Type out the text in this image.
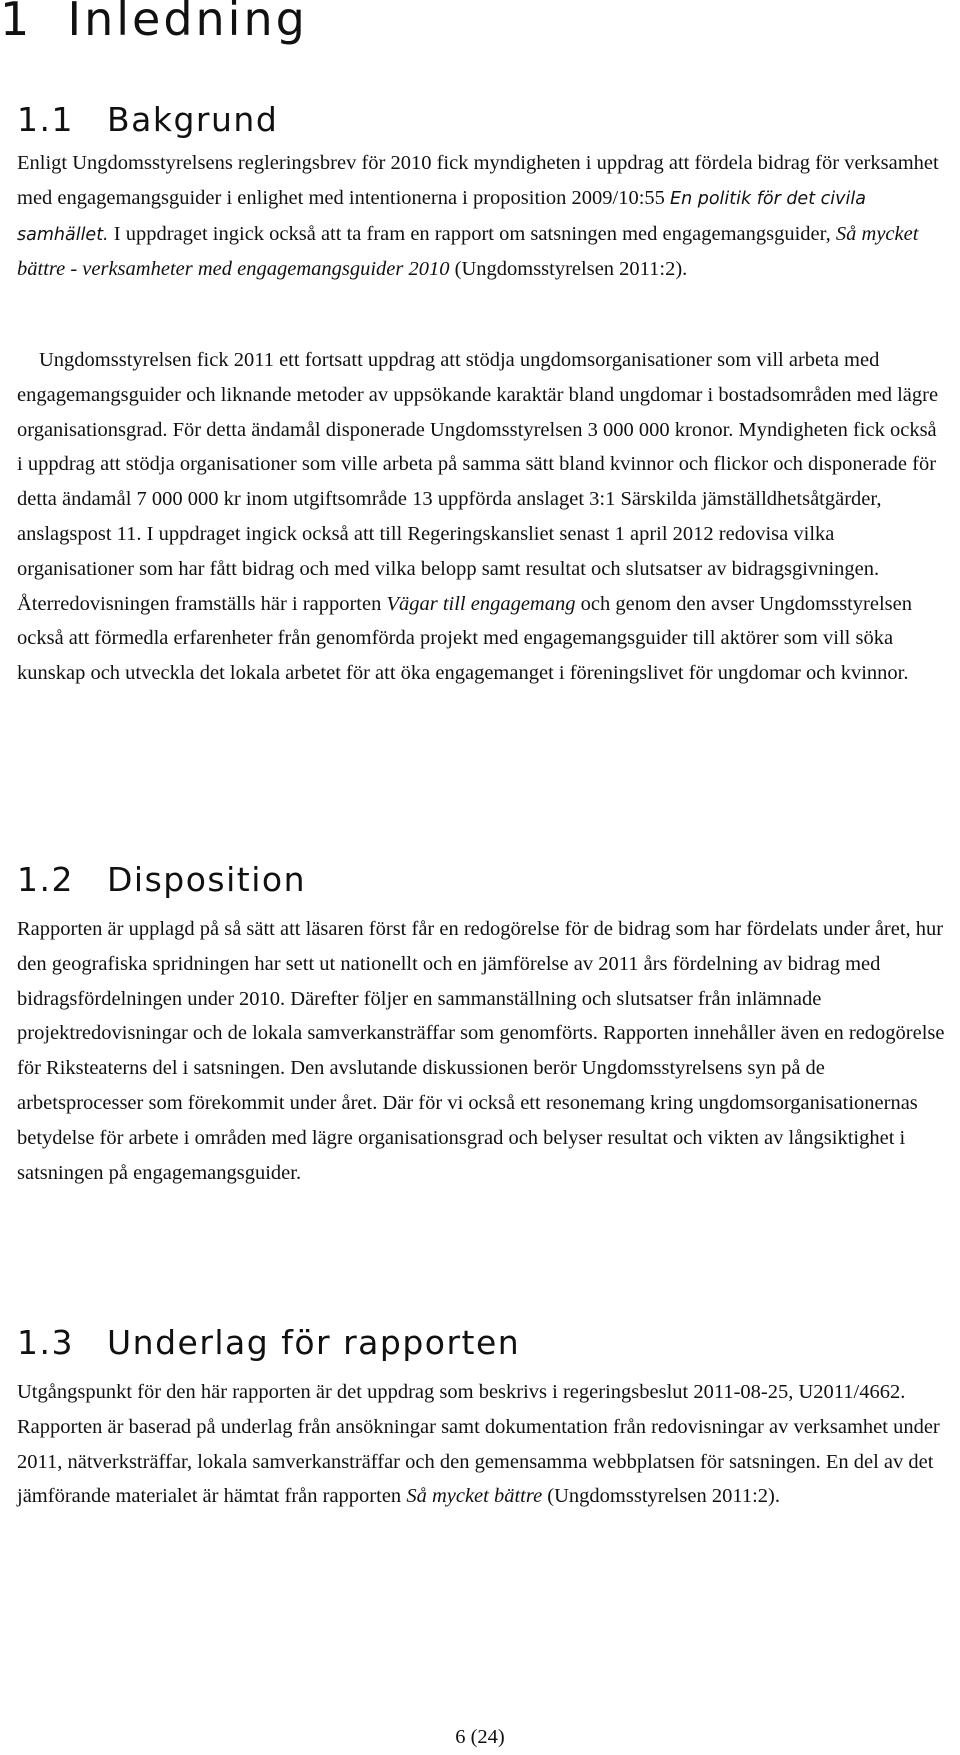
1 Inledning
1.1 Bakgrund

Enligt Ungdomsstyrelsens regleringsbrev för 2010 fick myndigheten i uppdrag att fördela bidrag för verksamhet med engagemangsguider i enlighet med intentionerna i proposition 2009/10:55 En politik för det civila samhället. I uppdraget ingick också att ta fram en rapport om satsningen med engagemangsguider, Så mycket bättre - verksamheter med engagemangsguider 2010 (Ungdomsstyrelsen 2011:2).

Ungdomsstyrelsen fick 2011 ett fortsatt uppdrag att stödja ungdomsorganisationer som vill arbeta med engagemangsguider och liknande metoder av uppsökande karaktär bland ungdomar i bostadsområden med lägre organisationsgrad. För detta ändamål disponerade Ungdomsstyrelsen 3 000 000 kronor. Myndigheten fick också i uppdrag att stödja organisationer som ville arbeta på samma sätt bland kvinnor och flickor och disponerade för detta ändamål 7 000 000 kr inom utgiftsområde 13 uppförda anslaget 3:1 Särskilda jämställdhetsåtgärder, anslagspost 11. I uppdraget ingick också att till Regeringskansliet senast 1 april 2012 redovisa vilka organisationer som har fått bidrag och med vilka belopp samt resultat och slutsatser av bidragsgivningen. Återredovisningen framställs här i rapporten Vägar till engagemang och genom den avser Ungdomsstyrelsen också att förmedla erfarenheter från genomförda projekt med engagemangsguider till aktörer som vill söka kunskap och utveckla det lokala arbetet för att öka engagemanget i föreningslivet för ungdomar och kvinnor.

1.2 Disposition

Rapporten är upplagd på så sätt att läsaren först får en redogörelse för de bidrag som har fördelats under året, hur den geografiska spridningen har sett ut nationellt och en jämförelse av 2011 års fördelning av bidrag med bidragsfördelningen under 2010. Därefter följer en sammanställning och slutsatser från inlämnade projektredovisningar och de lokala samverkansträffar som genomförts. Rapporten innehåller även en redogörelse för Riksteaterns del i satsningen. Den avslutande diskussionen berör Ungdomsstyrelsens syn på de arbetsprocesser som förekommit under året. Där för vi också ett resonemang kring ungdomsorganisationernas betydelse för arbete i områden med lägre organisationsgrad och belyser resultat och vikten av långsiktighet i satsningen på engagemangsguider.

1.3 Underlag för rapporten

Utgångspunkt för den här rapporten är det uppdrag som beskrivs i regeringsbeslut 2011-08-25, U2011/4662. Rapporten är baserad på underlag från ansökningar samt dokumentation från redovisningar av verksamhet under 2011, nätverksträffar, lokala samverkansträffar och den gemensamma webbplatsen för satsningen. En del av det jämförande materialet är hämtat från rapporten Så mycket bättre (Ungdomsstyrelsen 2011:2).

6 (24)
